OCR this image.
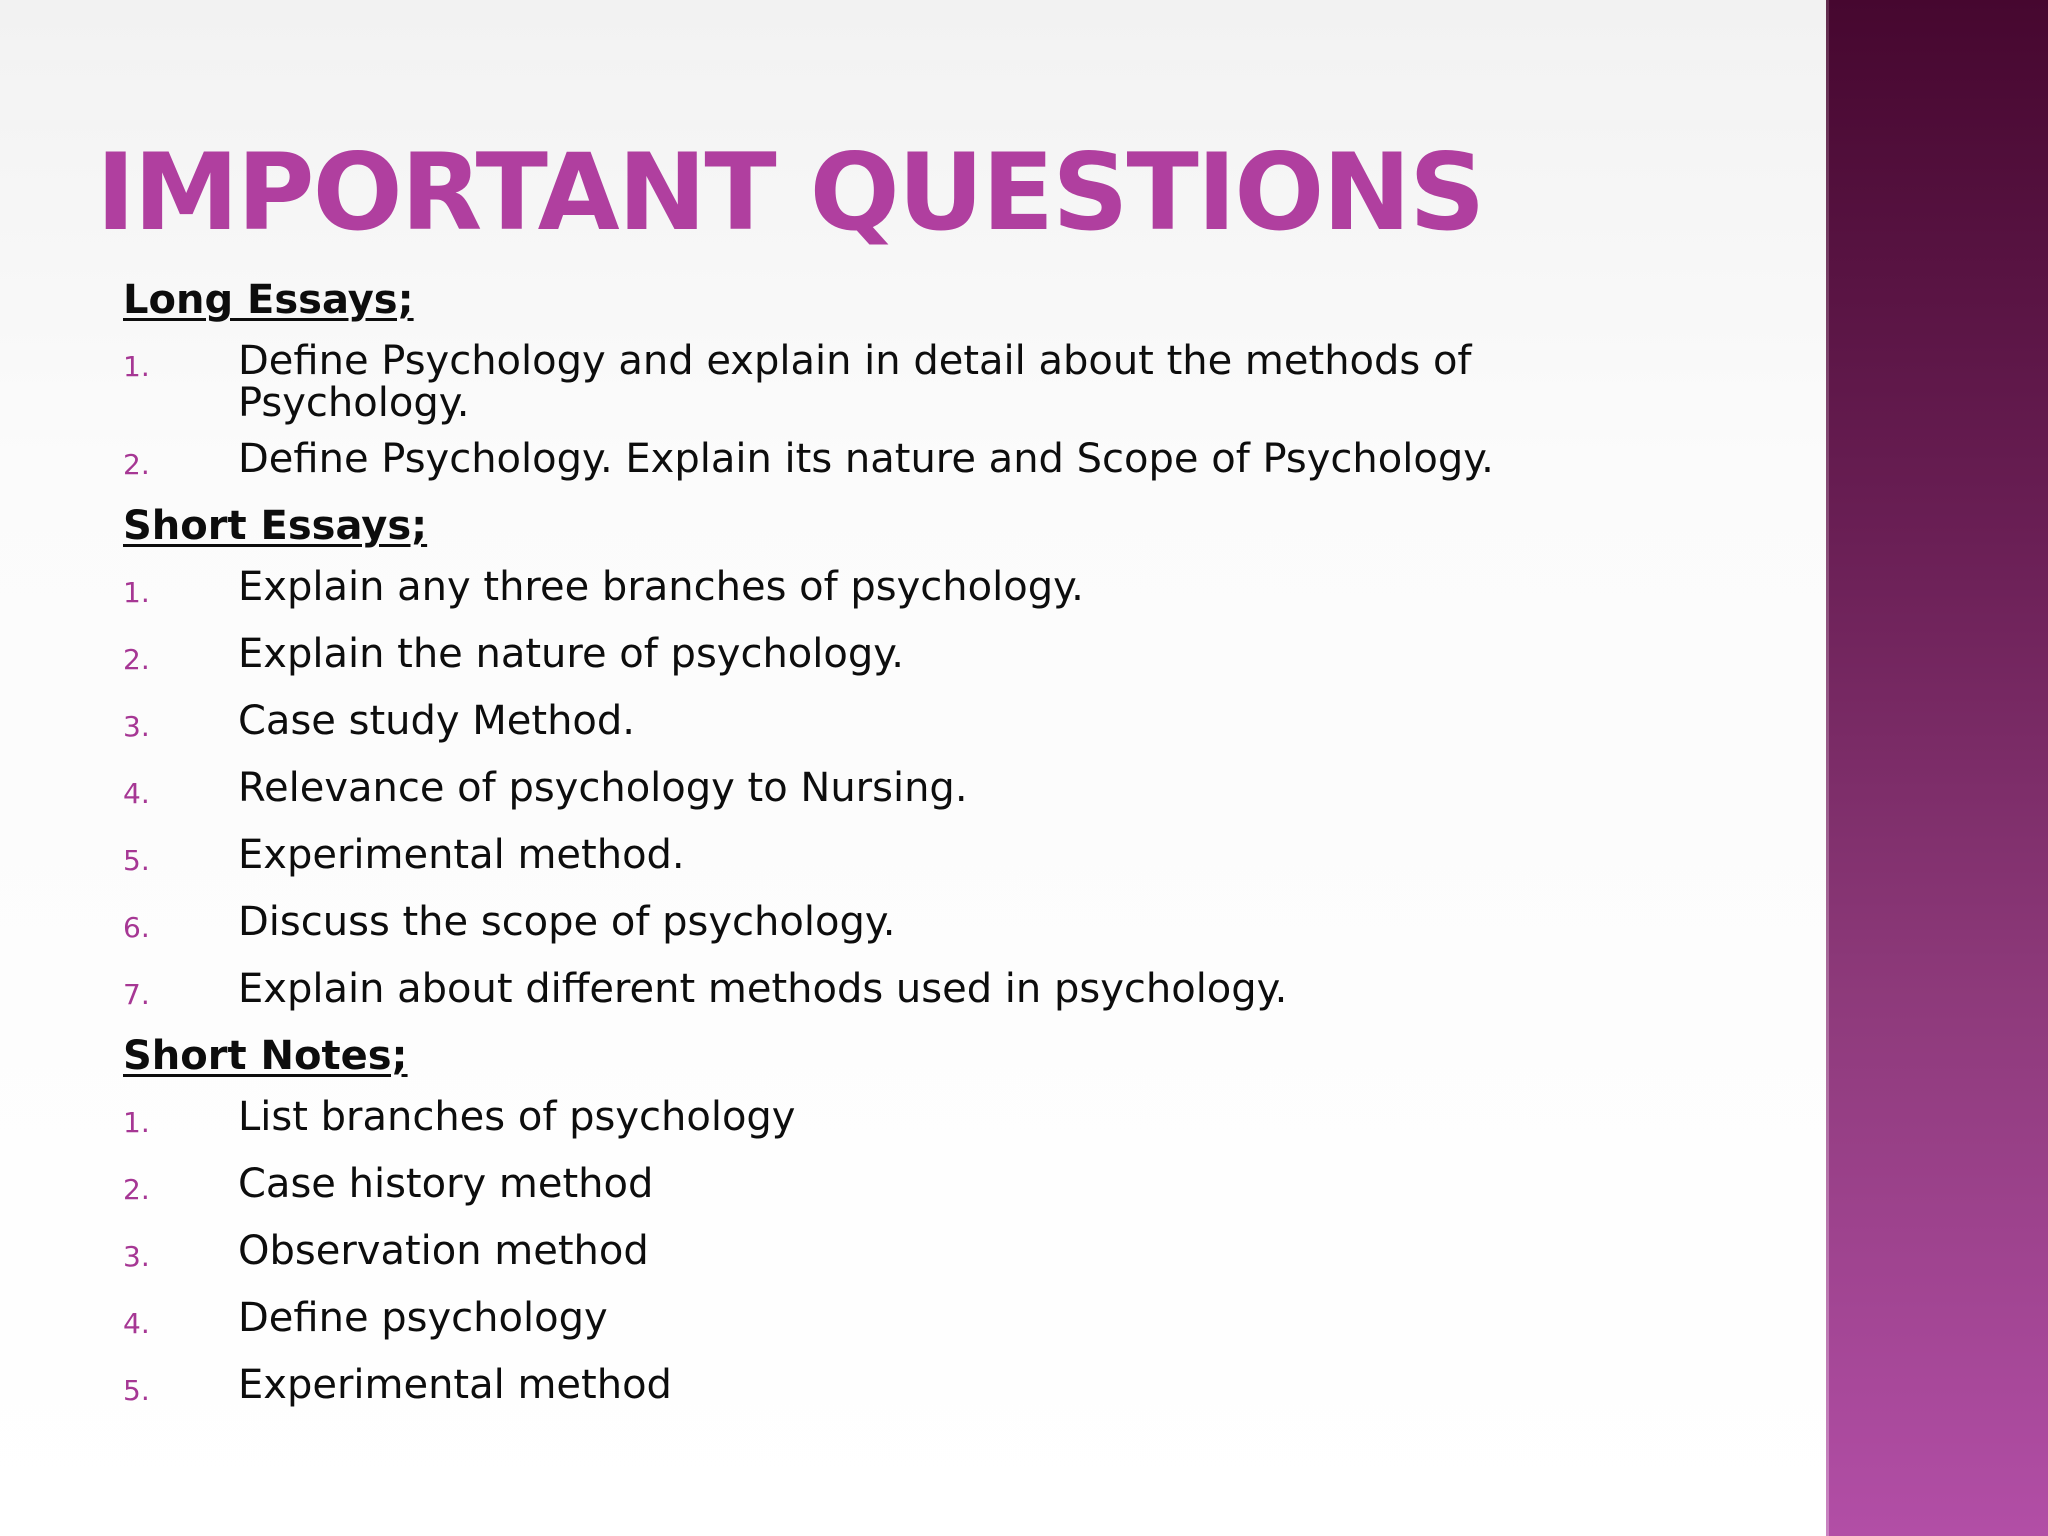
IMPORTANT QUESTIONS
Long Essays;
1.	Define Psychology and explain in detail about the methods of Psychology.
2.	Define Psychology. Explain its nature and Scope of Psychology.
Short Essays;
1.	Explain any three branches of psychology.
2.	Explain the nature of psychology.
3.	Case study Method.
4.	Relevance of psychology to Nursing.
5.	Experimental method.
6.	Discuss the scope of psychology.
7.	Explain about different methods used in psychology.
Short Notes;
1.	List branches of psychology
2.	Case history method
3.	Observation method
4.	Define psychology
5.	Experimental method
